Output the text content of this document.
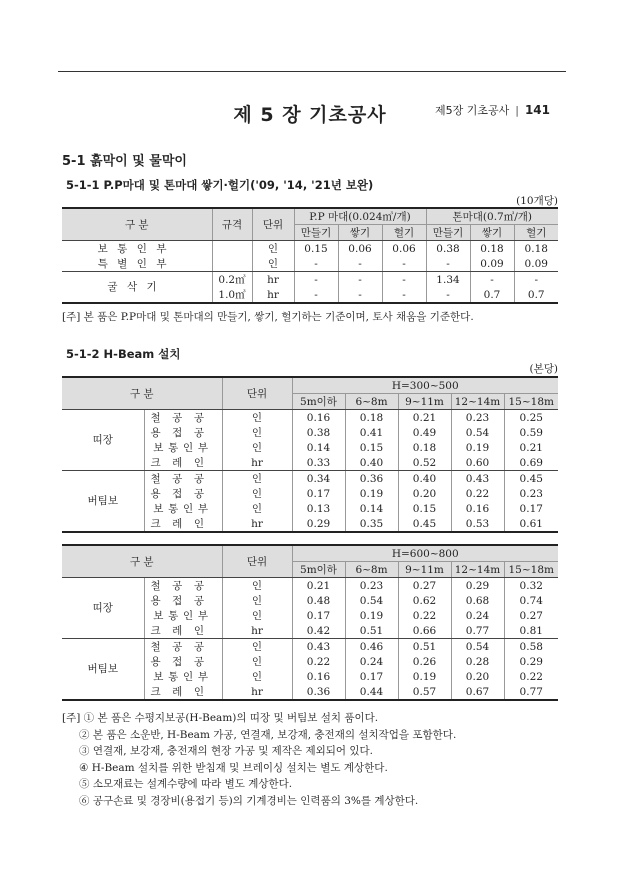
제5장 기초공사 | 141
제 5 장 기초공사
5-1 흙막이 및 물막이
5-1-1 P.P마대 및 톤마대 쌓기·헐기('09, '14, '21년 보완)
(10개당)
구 분	규격	단위	P.P 마대(0.024㎥/개)			톤마대(0.7㎥/개)		
			만들기	쌓기	헐기	만들기	쌓기	헐기
보통인부		인	0.15	0.06	0.06	0.38	0.18	0.18
특별인부		인	-	-	-	-	0.09	0.09
굴삭기	0.2㎥	hr	-	-	-	1.34	-	-
	1.0㎥	hr	-	-	-	-	0.7	0.7
[주] 본 품은 P.P마대 및 톤마대의 만들기, 쌓기, 헐기하는 기준이며, 토사 채움을 기준한다.
5-1-2 H-Beam 설치
(본당)
구 분		단위	H=300~500				
			5m이하	6~8m	9~11m	12~14m	15~18m
띠장	철공공	인	0.16	0.18	0.21	0.23	0.25
	용접공	인	0.38	0.41	0.49	0.54	0.59
	보통인부	인	0.14	0.15	0.18	0.19	0.21
	크레인	hr	0.33	0.40	0.52	0.60	0.69
버팀보	철공공	인	0.34	0.36	0.40	0.43	0.45
	용접공	인	0.17	0.19	0.20	0.22	0.23
	보통인부	인	0.13	0.14	0.15	0.16	0.17
	크레인	hr	0.29	0.35	0.45	0.53	0.61
구 분		단위	H=600~800				
			5m이하	6~8m	9~11m	12~14m	15~18m
띠장	철공공	인	0.21	0.23	0.27	0.29	0.32
	용접공	인	0.48	0.54	0.62	0.68	0.74
	보통인부	인	0.17	0.19	0.22	0.24	0.27
	크레인	hr	0.42	0.51	0.66	0.77	0.81
버팀보	철공공	인	0.43	0.46	0.51	0.54	0.58
	용접공	인	0.22	0.24	0.26	0.28	0.29
	보통인부	인	0.16	0.17	0.19	0.20	0.22
	크레인	hr	0.36	0.44	0.57	0.67	0.77
[주] ① 본 품은 수평지보공(H-Beam)의 띠장 및 버팀보 설치 품이다.
② 본 품은 소운반, H-Beam 가공, 연결재, 보강재, 충전재의 설치작업을 포함한다.
③ 연결재, 보강재, 충전재의 현장 가공 및 제작은 제외되어 있다.
④ H-Beam 설치를 위한 받침재 및 브레이싱 설치는 별도 계상한다.
⑤ 소모재료는 설계수량에 따라 별도 계상한다.
⑥ 공구손료 및 경장비(용접기 등)의 기계경비는 인력품의 3%를 계상한다.
